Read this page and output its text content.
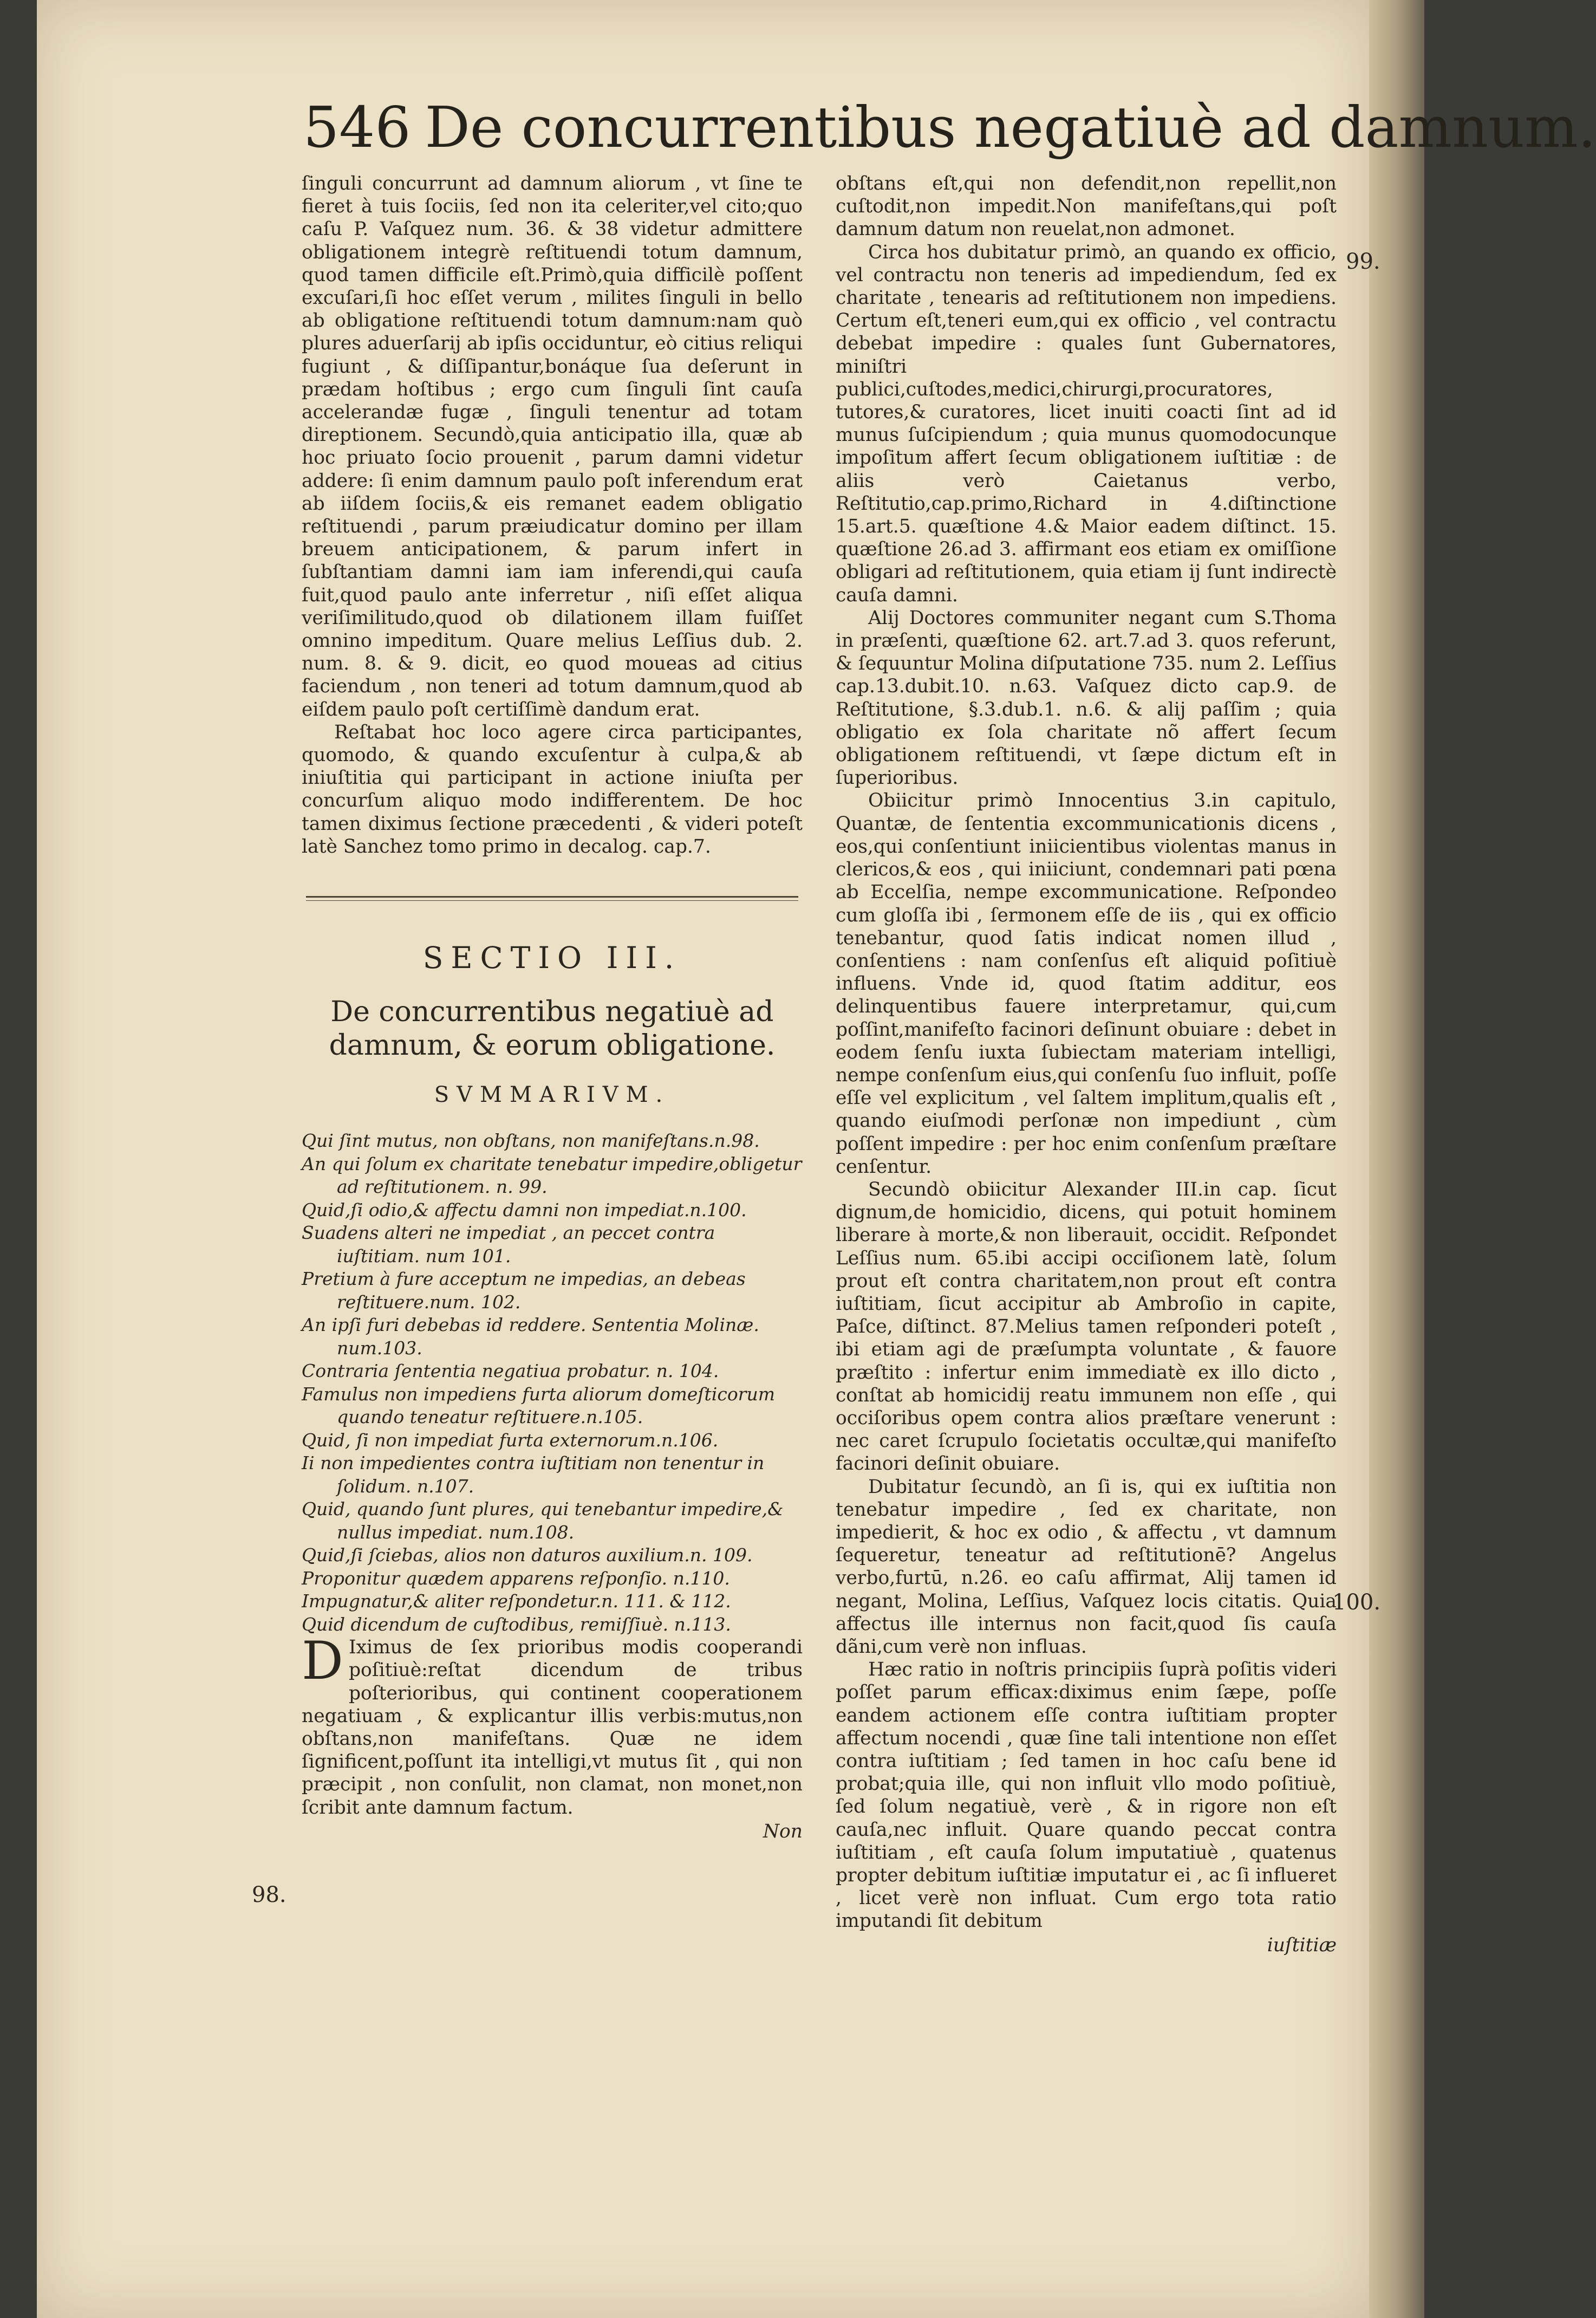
546 De concurrentibus negatiuè ad damnum.

ſinguli concurrunt ad damnum aliorum , vt ſine te fieret à tuis ſociis, ſed non ita celeriter,vel cito;quo caſu P. Vaſquez num. 36. & 38 videtur admittere obligationem integrè reſtituendi totum damnum, quod tamen difficile eſt.Primò,quia difficilè poſſent excuſari,ſi hoc eſſet verum , milites ſinguli in bello ab obligatione reſtituendi totum damnum:nam quò plures aduerſarij ab ipſis occiduntur, eò citius reliqui fugiunt , & diſſipantur,bonáque ſua deſerunt in prædam hoſtibus ; ergo cum ſinguli ſint cauſa accelerandæ fugæ , ſinguli tenentur ad totam direptionem. Secundò,quia anticipatio illa, quæ ab hoc priuato ſocio prouenit , parum damni videtur addere: ſi enim damnum paulo poſt inferendum erat ab iiſdem ſociis,& eis remanet eadem obligatio reſtituendi , parum præiudicatur domino per illam breuem anticipationem, & parum infert in ſubſtantiam damni iam iam inferendi,qui cauſa fuit,quod paulo ante inferretur , niſi eſſet aliqua veriſimilitudo,quod ob dilationem illam fuiſſet omnino impeditum. Quare melius Leſſius dub. 2. num. 8. & 9. dicit, eo quod moueas ad citius faciendum , non teneri ad totum damnum,quod ab eiſdem paulo poſt certiſſimè dandum erat.

Reſtabat hoc loco agere circa participantes, quomodo, & quando excuſentur à culpa,& ab iniuſtitia qui participant in actione iniuſta per concurſum aliquo modo indifferentem. De hoc tamen diximus ſectione præcedenti , & videri poteſt latè Sanchez tomo primo in decalog. cap.7.

SECTIO III.
De concurrentibus negatiuè ad damnum, & eorum obligatione.
SVMMARIVM.
Qui ſint mutus, non obſtans, non manifeſtans.n.98.
An qui ſolum ex charitate tenebatur impedire,obligetur ad reſtitutionem. n. 99.
Quid,ſi odio,& affectu damni non impediat.n.100.
Suadens alteri ne impediat , an peccet contra iuſtitiam. num 101.
Pretium à fure acceptum ne impedias, an debeas reſtituere.num. 102.
An ipſi furi debebas id reddere. Sententia Molinæ. num.103.
Contraria ſententia negatiua probatur. n. 104.
Famulus non impediens furta aliorum domeſticorum quando teneatur reſtituere.n.105.
Quid, ſi non impediat furta externorum.n.106.
Ii non impedientes contra iuſtitiam non tenentur in ſolidum. n.107.
Quid, quando ſunt plures, qui tenebantur impedire,& nullus impediat. num.108.
Quid,ſi ſciebas, alios non daturos auxilium.n. 109.
Proponitur quædem apparens reſponſio. n.110.
Impugnatur,& aliter reſpondetur.n. 111. & 112.
Quid dicendum de cuſtodibus, remiſſiuè. n.113.

D Iximus de ſex prioribus modis cooperandi poſitiuè:reſtat dicendum de tribus poſterioribus, qui continent cooperationem negatiuam , & explicantur illis verbis:mutus,non obſtans,non manifeſtans. Quæ ne idem ſignificent,poſſunt ita intelligi,vt mutus ſit , qui non præcipit , non conſulit, non clamat, non monet,non ſcribit ante damnum factum.

Non

obſtans eſt,qui non defendit,non repellit,non cuſtodit,non impedit.Non manifeſtans,qui poſt damnum datum non reuelat,non admonet.

Circa hos dubitatur primò, an quando ex officio, vel contractu non teneris ad impediendum, ſed ex charitate , tenearis ad reſtitutionem non impediens. Certum eſt,teneri eum,qui ex officio , vel contractu debebat impedire : quales ſunt Gubernatores, miniſtri publici,cuſtodes,medici,chirurgi,procuratores, tutores,& curatores, licet inuiti coacti ſint ad id munus ſuſcipiendum ; quia munus quomodocunque impoſitum affert ſecum obligationem iuſtitiæ : de aliis verò Caietanus verbo, Reſtitutio,cap.primo,Richard in 4.diſtinctione 15.art.5. quæſtione 4.& Maior eadem diſtinct. 15. quæſtione 26.ad 3. affirmant eos etiam ex omiſſione obligari ad reſtitutionem, quia etiam ij ſunt indirectè cauſa damni.

Alij Doctores communiter negant cum S.Thoma in præſenti, quæſtione 62. art.7.ad 3. quos referunt, & ſequuntur Molina diſputatione 735. num 2. Leſſius cap.13.dubit.10. n.63. Vaſquez dicto cap.9. de Reſtitutione, §.3.dub.1. n.6. & alij paſſim ; quia obligatio ex ſola charitate nõ affert ſecum obligationem reſtituendi, vt ſæpe dictum eſt in ſuperioribus.

Obiicitur primò Innocentius 3.in capitulo, Quantæ, de ſententia excommunicationis dicens , eos,qui conſentiunt iniicientibus violentas manus in clericos,& eos , qui iniiciunt, condemnari pati pœna ab Eccelſia, nempe excommunicatione. Reſpondeo cum gloſſa ibi , ſermonem eſſe de iis , qui ex officio tenebantur, quod ſatis indicat nomen illud , conſentiens : nam conſenſus eſt aliquid poſitiuè influens. Vnde id, quod ſtatim additur, eos delinquentibus fauere interpretamur, qui,cum poſſint,manifeſto facinori deſinunt obuiare : debet in eodem ſenſu iuxta ſubiectam materiam intelligi, nempe conſenſum eius,qui conſenſu ſuo influit, poſſe eſſe vel explicitum , vel ſaltem implitum,qualis eſt , quando eiuſmodi perſonæ non impediunt , cùm poſſent impedire : per hoc enim conſenſum præſtare cenſentur.

Secundò obiicitur Alexander III.in cap. ſicut dignum,de homicidio, dicens, qui potuit hominem liberare à morte,& non liberauit, occidit. Reſpondet Leſſius num. 65.ibi accipi occiſionem latè, ſolum prout eſt contra charitatem,non prout eſt contra iuſtitiam, ſicut accipitur ab Ambroſio in capite, Paſce, diſtinct. 87.Melius tamen reſponderi poteſt , ibi etiam agi de præſumpta voluntate , & fauore præſtito : infertur enim immediatè ex illo dicto , conſtat ab homicidij reatu immunem non eſſe , qui occiſoribus opem contra alios præſtare venerunt : nec caret ſcrupulo ſocietatis occultæ,qui manifeſto facinori deſinit obuiare.

Dubitatur ſecundò, an ſi is, qui ex iuſtitia non tenebatur impedire , ſed ex charitate, non impedierit, & hoc ex odio , & affectu , vt damnum ſequeretur, teneatur ad reſtitutionē? Angelus verbo,furtū, n.26. eo caſu affirmat, Alij tamen id negant, Molina, Leſſius, Vaſquez locis citatis. Quia affectus ille internus non facit,quod ſis cauſa dãni,cum verè non influas.

Hæc ratio in noſtris principiis ſuprà poſitis videri poſſet parum efficax:diximus enim ſæpe, poſſe eandem actionem eſſe contra iuſtitiam propter affectum nocendi , quæ ſine tali intentione non eſſet contra iuſtitiam ; ſed tamen in hoc caſu bene id probat;quia ille, qui non influit vllo modo poſitiuè, ſed ſolum negatiuè, verè , & in rigore non eſt cauſa,nec influit. Quare quando peccat contra iuſtitiam , eſt cauſa ſolum imputatiuè , quatenus propter debitum iuſtitiæ imputatur ei , ac ſi influeret , licet verè non influat. Cum ergo tota ratio imputandi ſit debitum

iuſtitiæ
98.
99.
100.
